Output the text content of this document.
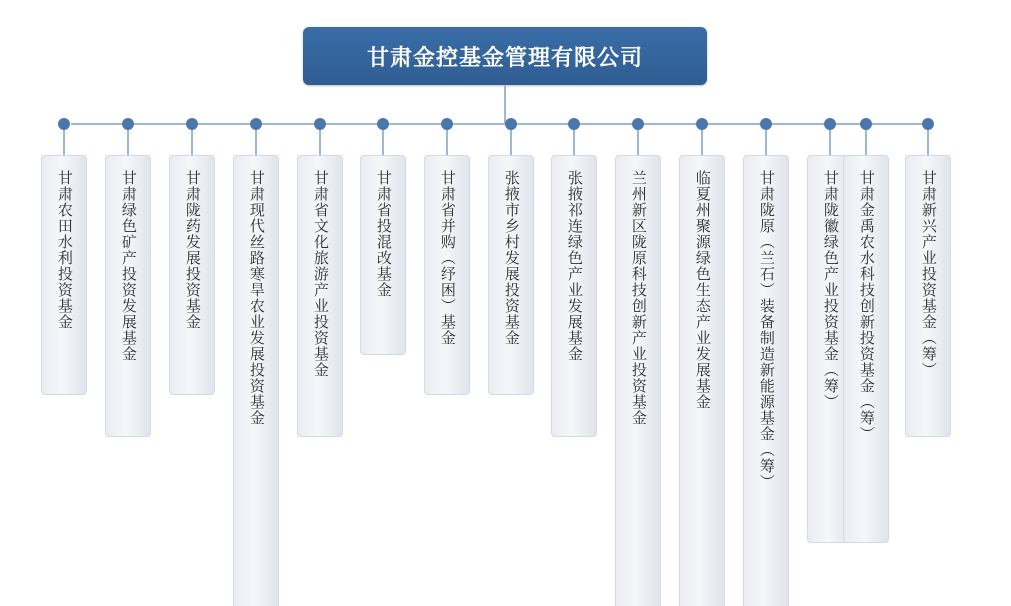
甘肃金控基金管理有限公司
甘肃农田水利投资基金	甘肃绿色矿产投资发展基金	甘肃陇药发展投资基金	甘肃现代丝路寒旱农业发展投资基金	甘肃省文化旅游产业投资基金	甘肃省投混改基金	甘肃省并购（纾困）基金	张掖市乡村发展投资基金	张掖祁连绿色产业发展基金	兰州新区陇原科技创新产业投资基金	临夏州聚源绿色生态产业发展基金	甘肃陇原（兰石）装备制造新能源基金（筹）	甘肃陇徽绿色产业投资基金（筹） 甘肃金禹农水科技创新投资基金（筹）	甘肃新兴产业投资基金（筹）
